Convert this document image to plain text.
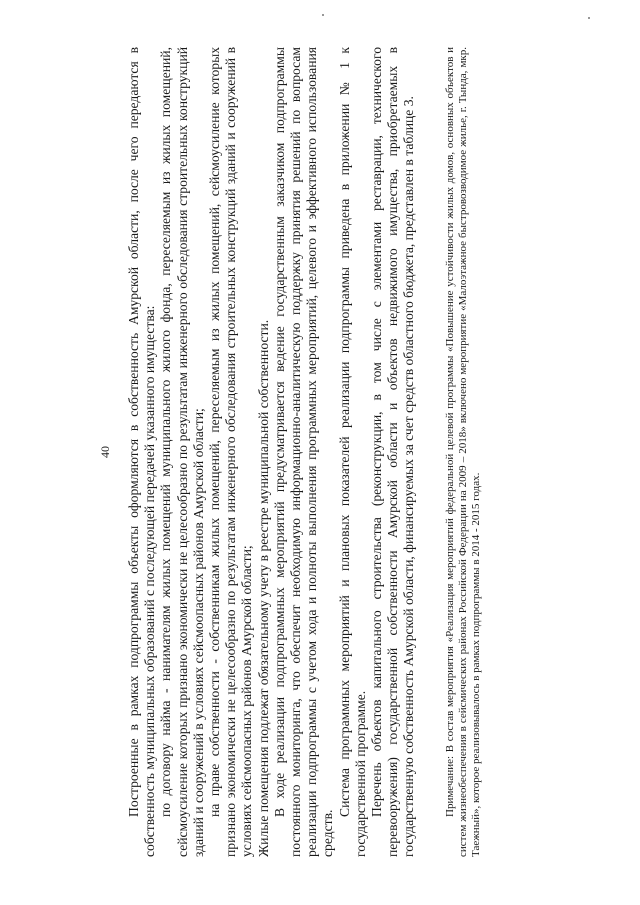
40 Построенные в рамках подпрограммы объекты оформляются в собственность Амурской области, после чего передаются в собственность муниципальных образований с последующей передачей указанного имущества: по договору найма - нанимателям жилых помещений муниципального жилого фонда, переселяемым из жилых помещений, сейсмоусиление которых признано экономически не целесообразно по результатам инженерного обследования строительных конструкций зданий и сооружений в условиях сейсмоопасных районов Амурской области; на праве собственности - собственникам жилых помещений, переселяемым из жилых помещений, сейсмоусиление которых признано экономически не целесообразно по результатам инженерного обследования строительных конструкций зданий и сооружений в условиях сейсмоопасных районов Амурской области; Жилые помещения подлежат обязательному учету в реестре муниципальной собственности. В ходе реализации подпрограммных мероприятий предусматривается ведение государственным заказчиком подпрограммы постоянного мониторинга, что обеспечит необходимую информационно-аналитическую поддержку принятия решений по вопросам реализации подпрограммы с учетом хода и полноты выполнения программных мероприятий, целевого и эффективного использования средств.

Система программных мероприятий и плановых показателей реализации подпрограммы приведена в приложении № 1 к государственной программе. Перечень объектов капитального строительства (реконструкции, в том числе с элементами реставрации, технического перевооружения) государственной собственности Амурской области и объектов недвижимого имущества, приобретаемых в государственную собственность Амурской области, финансируемых за счет средств областного бюджета, представлен в таблице 3. Примечание: В состав мероприятия «Реализация мероприятий федеральной целевой программы «Повышение устойчивости жилых домов, основных объектов и систем жизнеобеспечения в сейсмических районах Российской Федерации на 2009 – 2018» включено мероприятие «Малоэтажное быстровозводимое жилье, г. Тында, мкр. Таежный», которое реализовывалось в рамках подпрограммы в 2014 - 2015 годах.
